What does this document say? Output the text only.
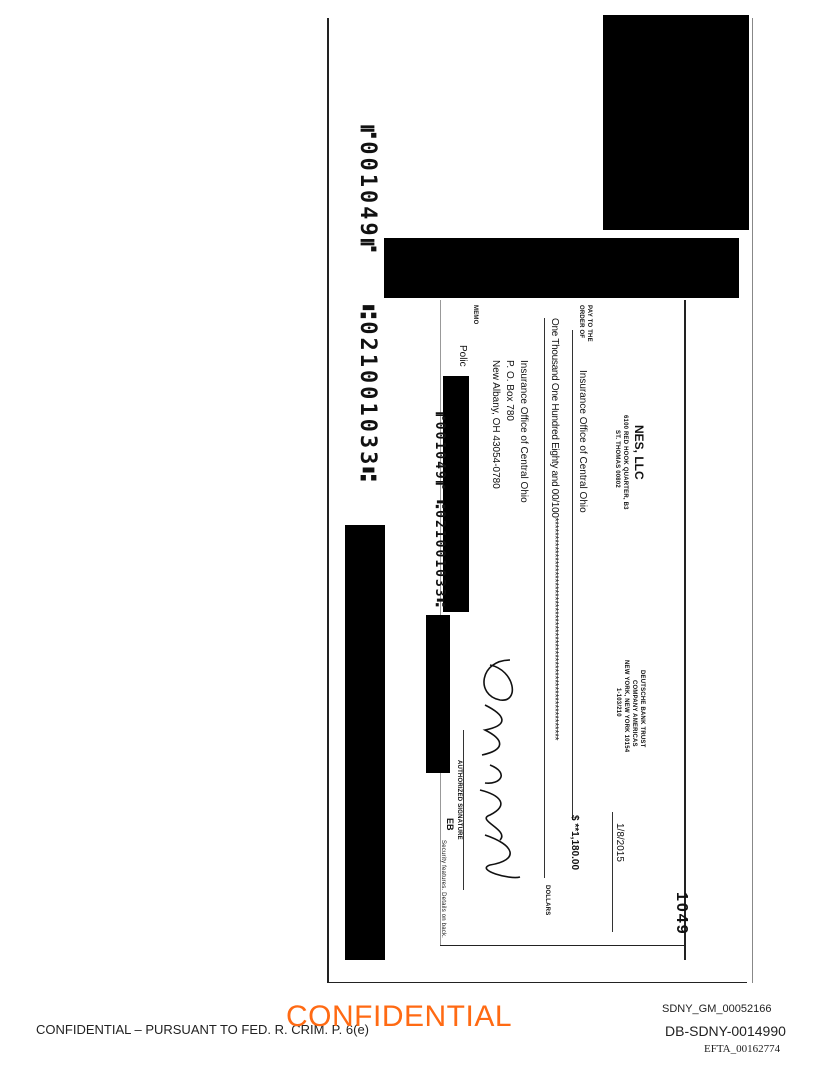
⑈001049⑈
⑆021001033⑆
1049
NES, LLC
6100 RED HOOK QUARTER, B3
ST. THOMAS 00802
DEUTSCHE BANK TRUST
COMPANY AMERICAS
NEW YORK, NEW YORK 10154
1-103/210
1/8/2015
PAY TO THE
ORDER OF
Insurance Office of Central Ohio
$ **1,180.00
One Thousand One Hundred Eighty and 00/100**************************************************************
DOLLARS
Insurance Office of Central Ohio
P. O. Box 780
New Albany, OH 43054-0780
MEMO
Polic
⑈001049⑈ ⑆021001033⑆
AUTHORIZED SIGNATURE
Security features. Details on back.
EB
CONFIDENTIAL – PURSUANT TO FED. R. CRIM. P. 6(e)
CONFIDENTIAL	SDNY_GM_00052166
DB-SDNY-0014990
EFTA_00162774
